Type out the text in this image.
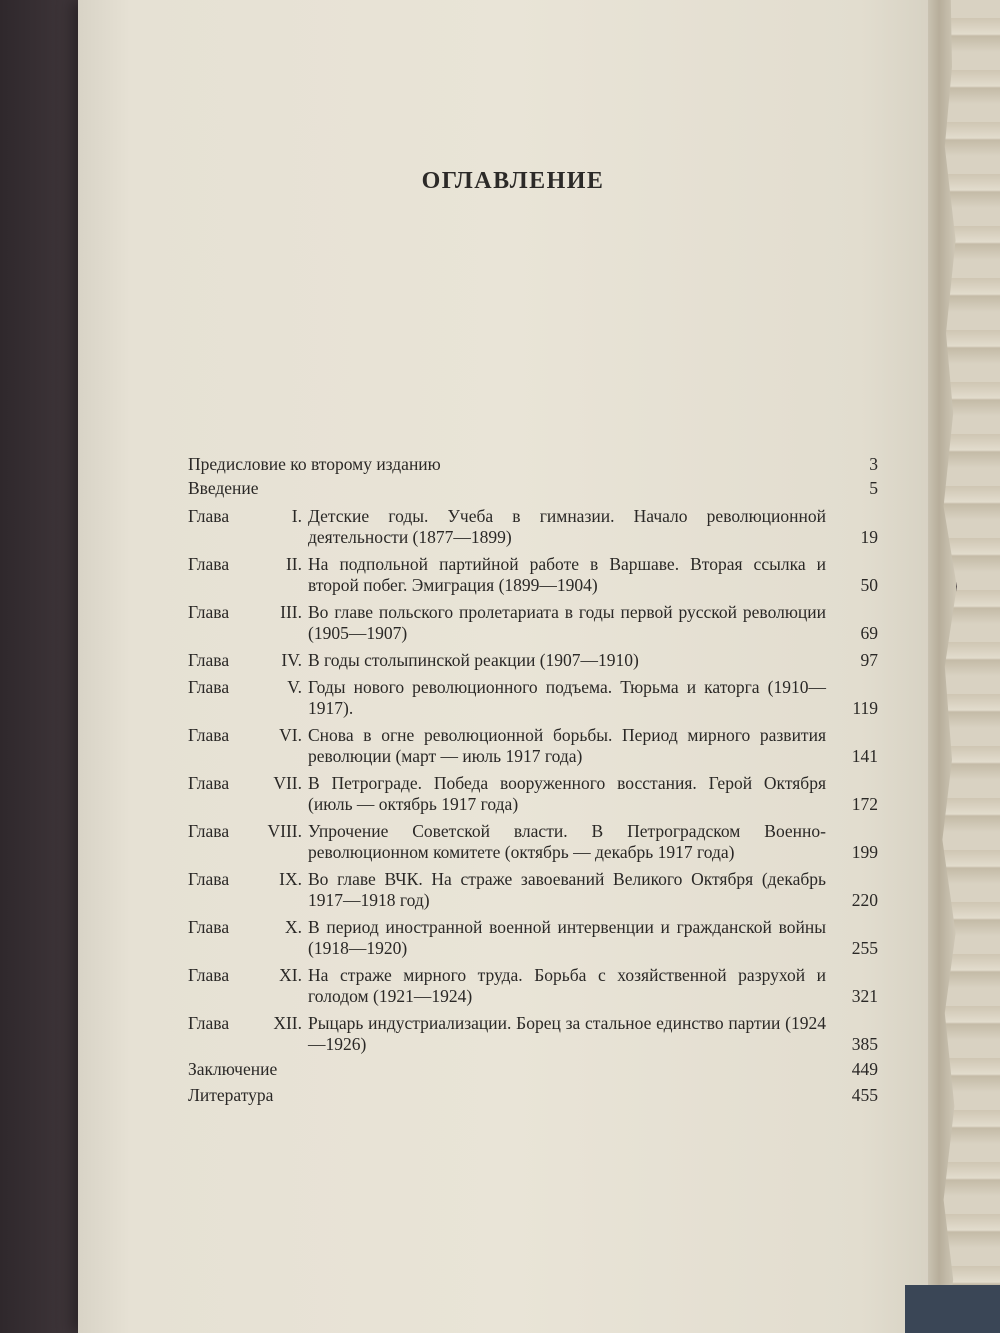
ОГЛАВЛЕНИЕ
Предисловие ко второму изданию	3
Введение	5
Глава	I. Детские годы. Учеба в гимназии. Начало революционной деятельности (1877—1899)	19
Глава	II. На подпольной партийной работе в Варшаве. Вторая ссылка и второй побег. Эмиграция (1899—1904)	50
Глава	III. Во главе польского пролетариата в годы первой русской революции (1905—1907)	69
Глава	IV. В годы столыпинской реакции (1907—1910)	97
Глава	V. Годы нового революционного подъема. Тюрьма и каторга (1910—1917).	119
Глава	VI. Снова в огне революционной борьбы. Период мирного развития революции (март — июль 1917 года)	141
Глава	VII. В Петрограде. Победа вооруженного восстания. Герой Октября (июль — октябрь 1917 года)	172
Глава	VIII. Упрочение Советской власти. В Петроградском Военно-революционном комитете (октябрь — декабрь 1917 года)	199
Глава	IX. Во главе ВЧК. На страже завоеваний Великого Октября (декабрь 1917—1918 год)	220
Глава	X. В период иностранной военной интервенции и гражданской войны (1918—1920)	255
Глава	XI. На страже мирного труда. Борьба с хозяйственной разрухой и голодом (1921—1924)	321
Глава	XII. Рыцарь индустриализации. Борец за стальное единство партии (1924—1926)	385
Заключение	449
Литература	455
